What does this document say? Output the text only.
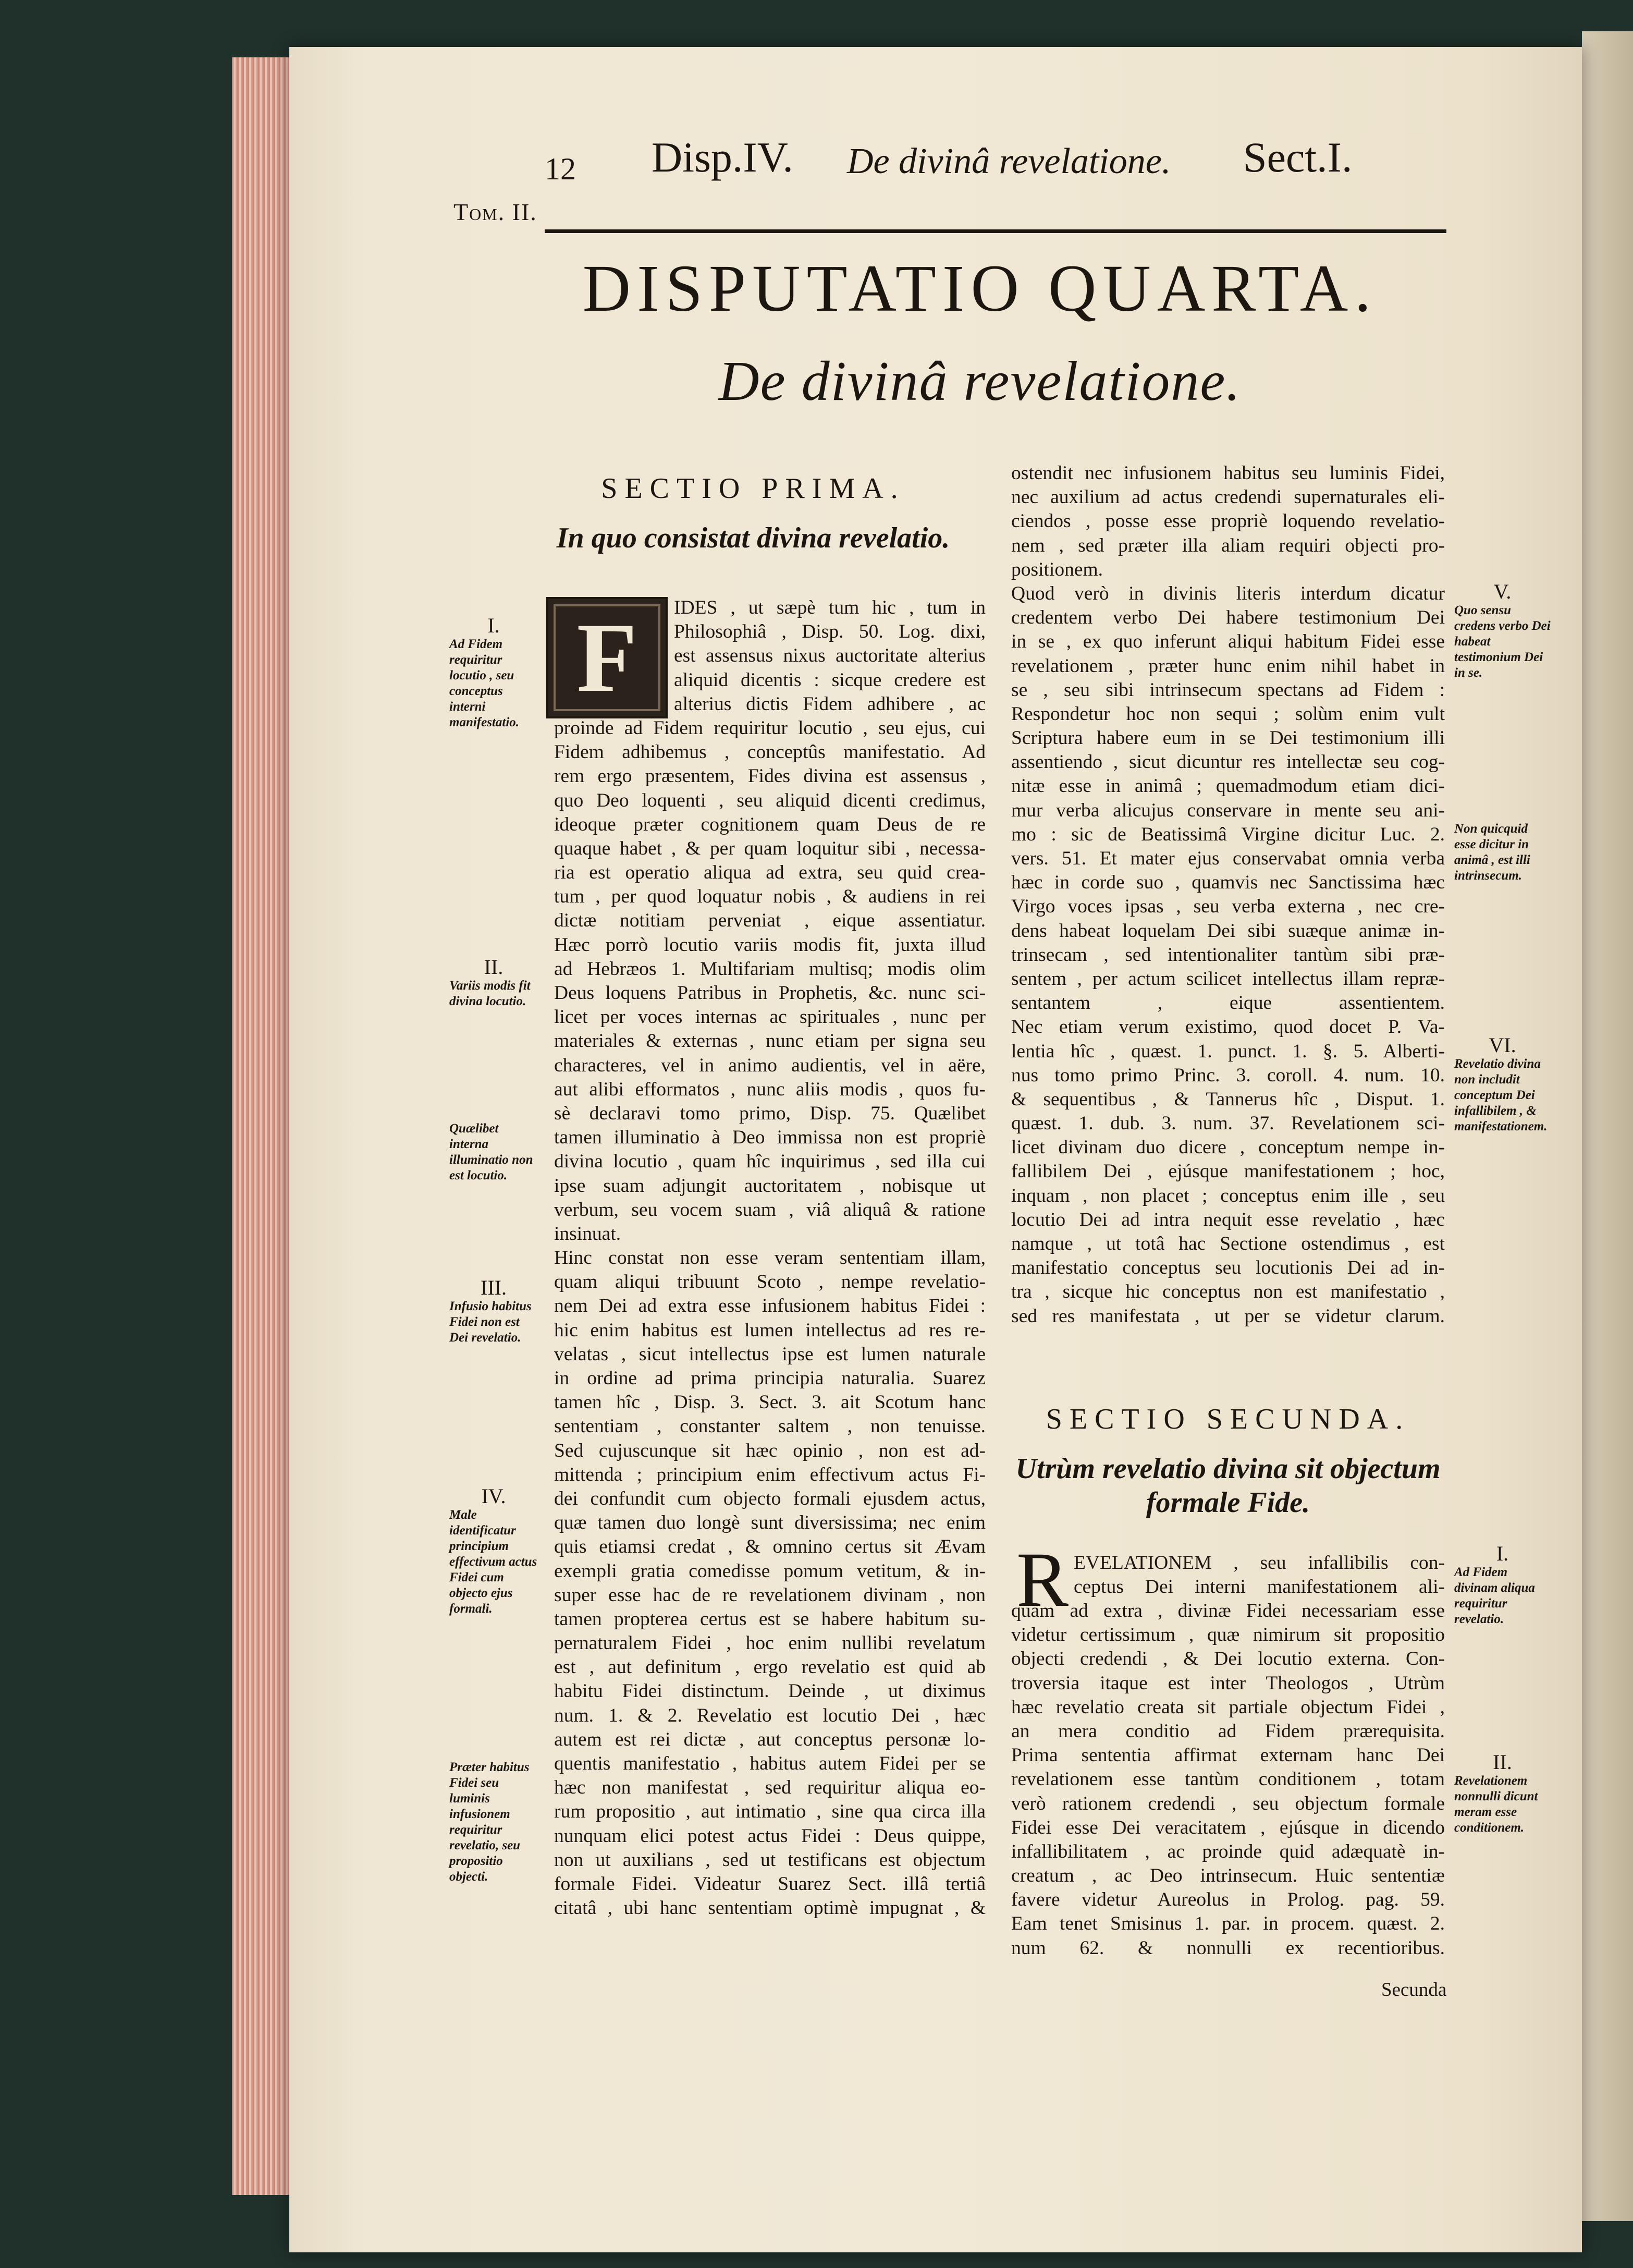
12 Disp.IV. De divinâ revelatione. Sect.I.
Tom. II.
DISPUTATIO QUARTA.
De divinâ revelatione.
SECTIO PRIMA.
In quo consistat divina revelatio.
F	IDES , ut sæpè tum hic , tum in
Philosophiâ , Disp. 50. Log. dixi,
est assensus nixus auctoritate alterius
aliquid dicentis : sicque credere est
alterius dictis Fidem adhibere , ac
proinde ad Fidem requiritur locutio , seu ejus, cui
Fidem adhibemus , conceptûs manifestatio. Ad
rem ergo præsentem, Fides divina est assensus ,
quo Deo loquenti , seu aliquid dicenti credimus,
ideoque præter cognitionem quam Deus de re
quaque habet , & per quam loquitur sibi , necessa-
ria est operatio aliqua ad extra, seu quid crea-
tum , per quod loquatur nobis , & audiens in rei
dictæ notitiam perveniat , eique assentiatur.
Hæc porrò locutio variis modis fit, juxta illud
ad Hebræos 1. Multifariam multisq; modis olim
Deus loquens Patribus in Prophetis, &c. nunc sci-
licet per voces internas ac spirituales , nunc per
materiales & externas , nunc etiam per signa seu
characteres, vel in animo audientis, vel in aëre,
aut alibi efformatos , nunc aliis modis , quos fu-
sè declaravi tomo primo, Disp. 75. Quælibet
tamen illuminatio à Deo immissa non est propriè
divina locutio , quam hîc inquirimus , sed illa cui
ipse suam adjungit auctoritatem , nobisque ut
verbum, seu vocem suam , viâ aliquâ & ratione
insinuat.
Hinc constat non esse veram sententiam illam,
quam aliqui tribuunt Scoto , nempe revelatio-
nem Dei ad extra esse infusionem habitus Fidei :
hic enim habitus est lumen intellectus ad res re-
velatas , sicut intellectus ipse est lumen naturale
in ordine ad prima principia naturalia. Suarez
tamen hîc , Disp. 3. Sect. 3. ait Scotum hanc
sententiam , constanter saltem , non tenuisse.
Sed cujuscunque sit hæc opinio , non est ad-
mittenda ; principium enim effectivum actus Fi-
dei confundit cum objecto formali ejusdem actus,
quæ tamen duo longè sunt diversissima; nec enim
quis etiamsi credat , & omnino certus sit Ævam
exempli gratia comedisse pomum vetitum, & in-
super esse hac de re revelationem divinam , non
tamen propterea certus est se habere habitum su-
pernaturalem Fidei , hoc enim nullibi revelatum
est , aut definitum , ergo revelatio est quid ab
habitu Fidei distinctum. Deinde , ut diximus
num. 1. & 2. Revelatio est locutio Dei , hæc
autem est rei dictæ , aut conceptus personæ lo-
quentis manifestatio , habitus autem Fidei per se
hæc non manifestat , sed requiritur aliqua eo-
rum propositio , aut intimatio , sine qua circa illa
nunquam elici potest actus Fidei : Deus quippe,
non ut auxilians , sed ut testificans est objectum
formale Fidei. Videatur Suarez Sect. illâ tertiâ
citatâ , ubi hanc sententiam optimè impugnat , &
ostendit nec infusionem habitus seu luminis Fidei,
nec auxilium ad actus credendi supernaturales eli-
ciendos , posse esse propriè loquendo revelatio-
nem , sed præter illa aliam requiri objecti pro-
positionem.
Quod verò in divinis literis interdum dicatur
credentem verbo Dei habere testimonium Dei
in se , ex quo inferunt aliqui habitum Fidei esse
revelationem , præter hunc enim nihil habet in
se , seu sibi intrinsecum spectans ad Fidem :
Respondetur hoc non sequi ; solùm enim vult
Scriptura habere eum in se Dei testimonium illi
assentiendo , sicut dicuntur res intellectæ seu cog-
nitæ esse in animâ ; quemadmodum etiam dici-
mur verba alicujus conservare in mente seu ani-
mo : sic de Beatissimâ Virgine dicitur Luc. 2.
vers. 51. Et mater ejus conservabat omnia verba
hæc in corde suo , quamvis nec Sanctissima hæc
Virgo voces ipsas , seu verba externa , nec cre-
dens habeat loquelam Dei sibi suæque animæ in-
trinsecam , sed intentionaliter tantùm sibi præ-
sentem , per actum scilicet intellectus illam repræ-
sentantem , eique assentientem.
Nec etiam verum existimo, quod docet P. Va-
lentia hîc , quæst. 1. punct. 1. §. 5. Alberti-
nus tomo primo Princ. 3. coroll. 4. num. 10.
& sequentibus , & Tannerus hîc , Disput. 1.
quæst. 1. dub. 3. num. 37. Revelationem sci-
licet divinam duo dicere , conceptum nempe in-
fallibilem Dei , ejúsque manifestationem ; hoc,
inquam , non placet ; conceptus enim ille , seu
locutio Dei ad intra nequit esse revelatio , hæc
namque , ut totâ hac Sectione ostendimus , est
manifestatio conceptus seu locutionis Dei ad in-
tra , sicque hic conceptus non est manifestatio ,
sed res manifestata , ut per se videtur clarum.
SECTIO SECUNDA.
Utrùm revelatio divina sit objectum
formale Fide.
R EVELATIONEM , seu infallibilis con-
ceptus Dei interni manifestationem ali-
quam ad extra , divinæ Fidei necessariam esse
videtur certissimum , quæ nimirum sit propositio
objecti credendi , & Dei locutio externa. Con-
troversia itaque est inter Theologos , Utrùm
hæc revelatio creata sit partiale objectum Fidei ,
an mera conditio ad Fidem prærequisita.
Prima sententia affirmat externam hanc Dei
revelationem esse tantùm conditionem , totam
verò rationem credendi , seu objectum formale
Fidei esse Dei veracitatem , ejúsque in dicendo
infallibilitatem , ac proinde quid adæquatè in-
creatum , ac Deo intrinsecum. Huic sententiæ
favere videtur Aureolus in Prolog. pag. 59.
Eam tenet Smisinus 1. par. in procem. quæst. 2.
num 62. & nonnulli ex recentioribus.
Secunda
I.
Ad Fidem requiritur locutio , seu conceptus interni manifestatio.
II.
Variis modis fit divina locutio.
Quælibet interna illuminatio non est locutio.
III.
Infusio habitus Fidei non est Dei revelatio.
IV.
Male identificatur principium effectivum actus Fidei cum objecto ejus formali.
Præter habitus Fidei seu luminis infusionem requiritur revelatio, seu propositio objecti.
V.
Quo sensu credens verbo Dei habeat testimonium Dei in se.
Non quicquid esse dicitur in animâ , est illi intrinsecum.
VI.
Revelatio divina non includit conceptum Dei infallibilem , & manifestationem.
I.
Ad Fidem divinam aliqua requiritur revelatio.
II.
Revelationem nonnulli dicunt meram esse conditionem.
